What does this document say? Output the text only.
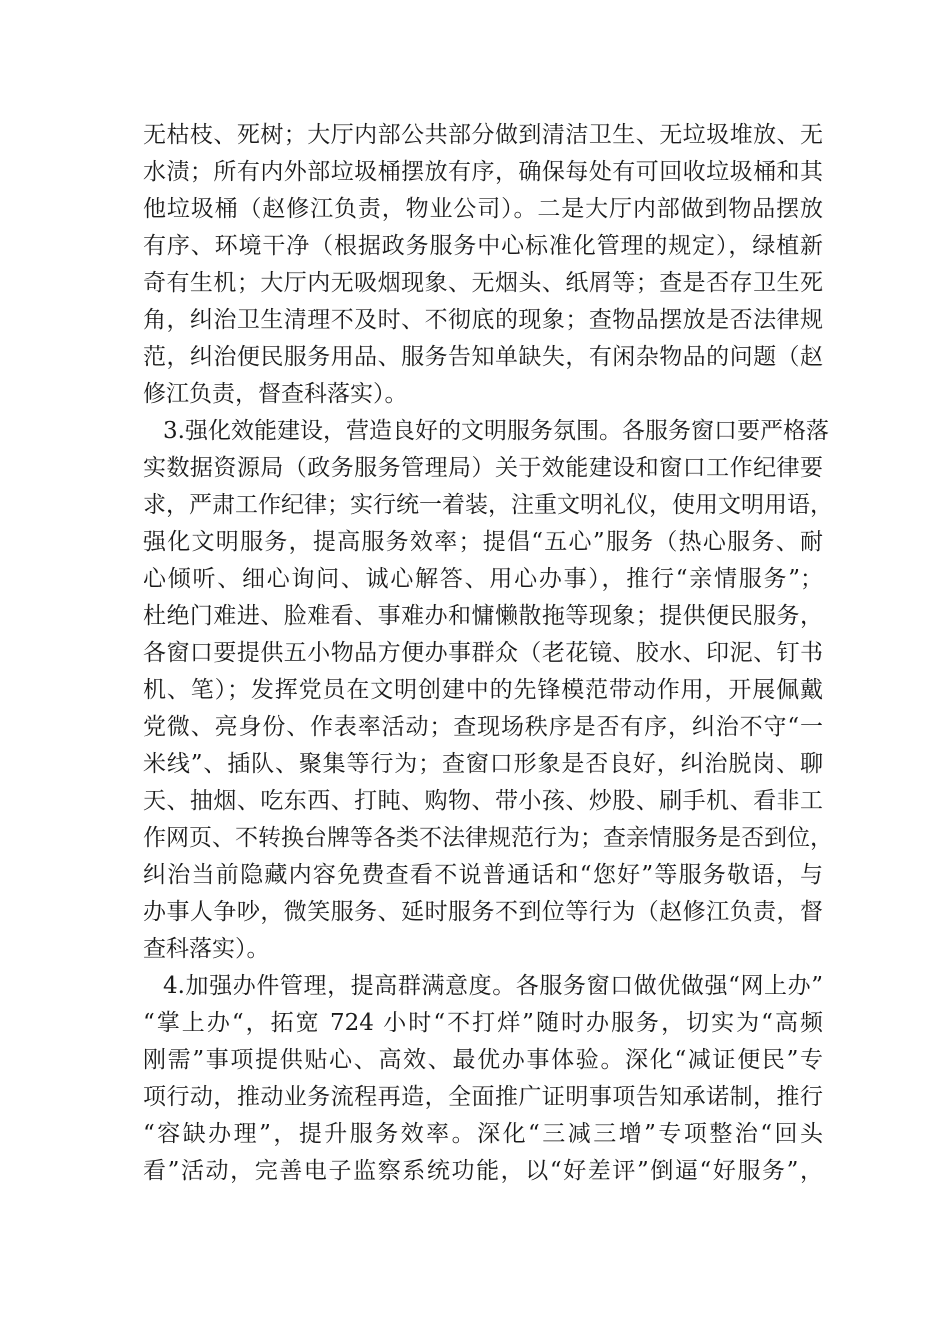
无枯枝、死树；大厅内部公共部分做到清洁卫生、无垃圾堆放、无
水渍；所有内外部垃圾桶摆放有序，确保每处有可回收垃圾桶和其
他垃圾桶（赵修江负责，物业公司）。二是大厅内部做到物品摆放
有序、环境干净（根据政务服务中心标准化管理的规定），绿植新
奇有生机；大厅内无吸烟现象、无烟头、纸屑等；查是否存卫生死
角，纠治卫生清理不及时、不彻底的现象；查物品摆放是否法律规
范，纠治便民服务用品、服务告知单缺失，有闲杂物品的问题（赵
修江负责，督查科落实）。
3.强化效能建设，营造良好的文明服务氛围。各服务窗口要严格落
实数据资源局（政务服务管理局）关于效能建设和窗口工作纪律要
求，严肃工作纪律；实行统一着装，注重文明礼仪，使用文明用语，
强化文明服务，提高服务效率；提倡“五心”服务（热心服务、耐
心倾听、细心询问、诚心解答、用心办事），推行“亲情服务”；
杜绝门难进、脸难看、事难办和慵懒散拖等现象；提供便民服务，
各窗口要提供五小物品方便办事群众（老花镜、胶水、印泥、钉书
机、笔）；发挥党员在文明创建中的先锋模范带动作用，开展佩戴
党微、亮身份、作表率活动；查现场秩序是否有序，纠治不守“一
米线”、插队、聚集等行为；查窗口形象是否良好，纠治脱岗、聊
天、抽烟、吃东西、打盹、购物、带小孩、炒股、刷手机、看非工
作网页、不转换台牌等各类不法律规范行为；查亲情服务是否到位，
纠治当前隐藏内容免费查看不说普通话和“您好”等服务敬语，与
办事人争吵，微笑服务、延时服务不到位等行为（赵修江负责，督
查科落实）。
4.加强办件管理，提高群满意度。各服务窗口做优做强“网上办”
“掌上办“，拓宽 724 小时“不打烊”随时办服务，切实为“高频
刚需”事项提供贴心、高效、最优办事体验。深化“减证便民”专
项行动，推动业务流程再造，全面推广证明事项告知承诺制，推行
“容缺办理”，提升服务效率。深化“三减三增”专项整治“回头
看”活动，完善电子监察系统功能，以“好差评”倒逼“好服务”，
